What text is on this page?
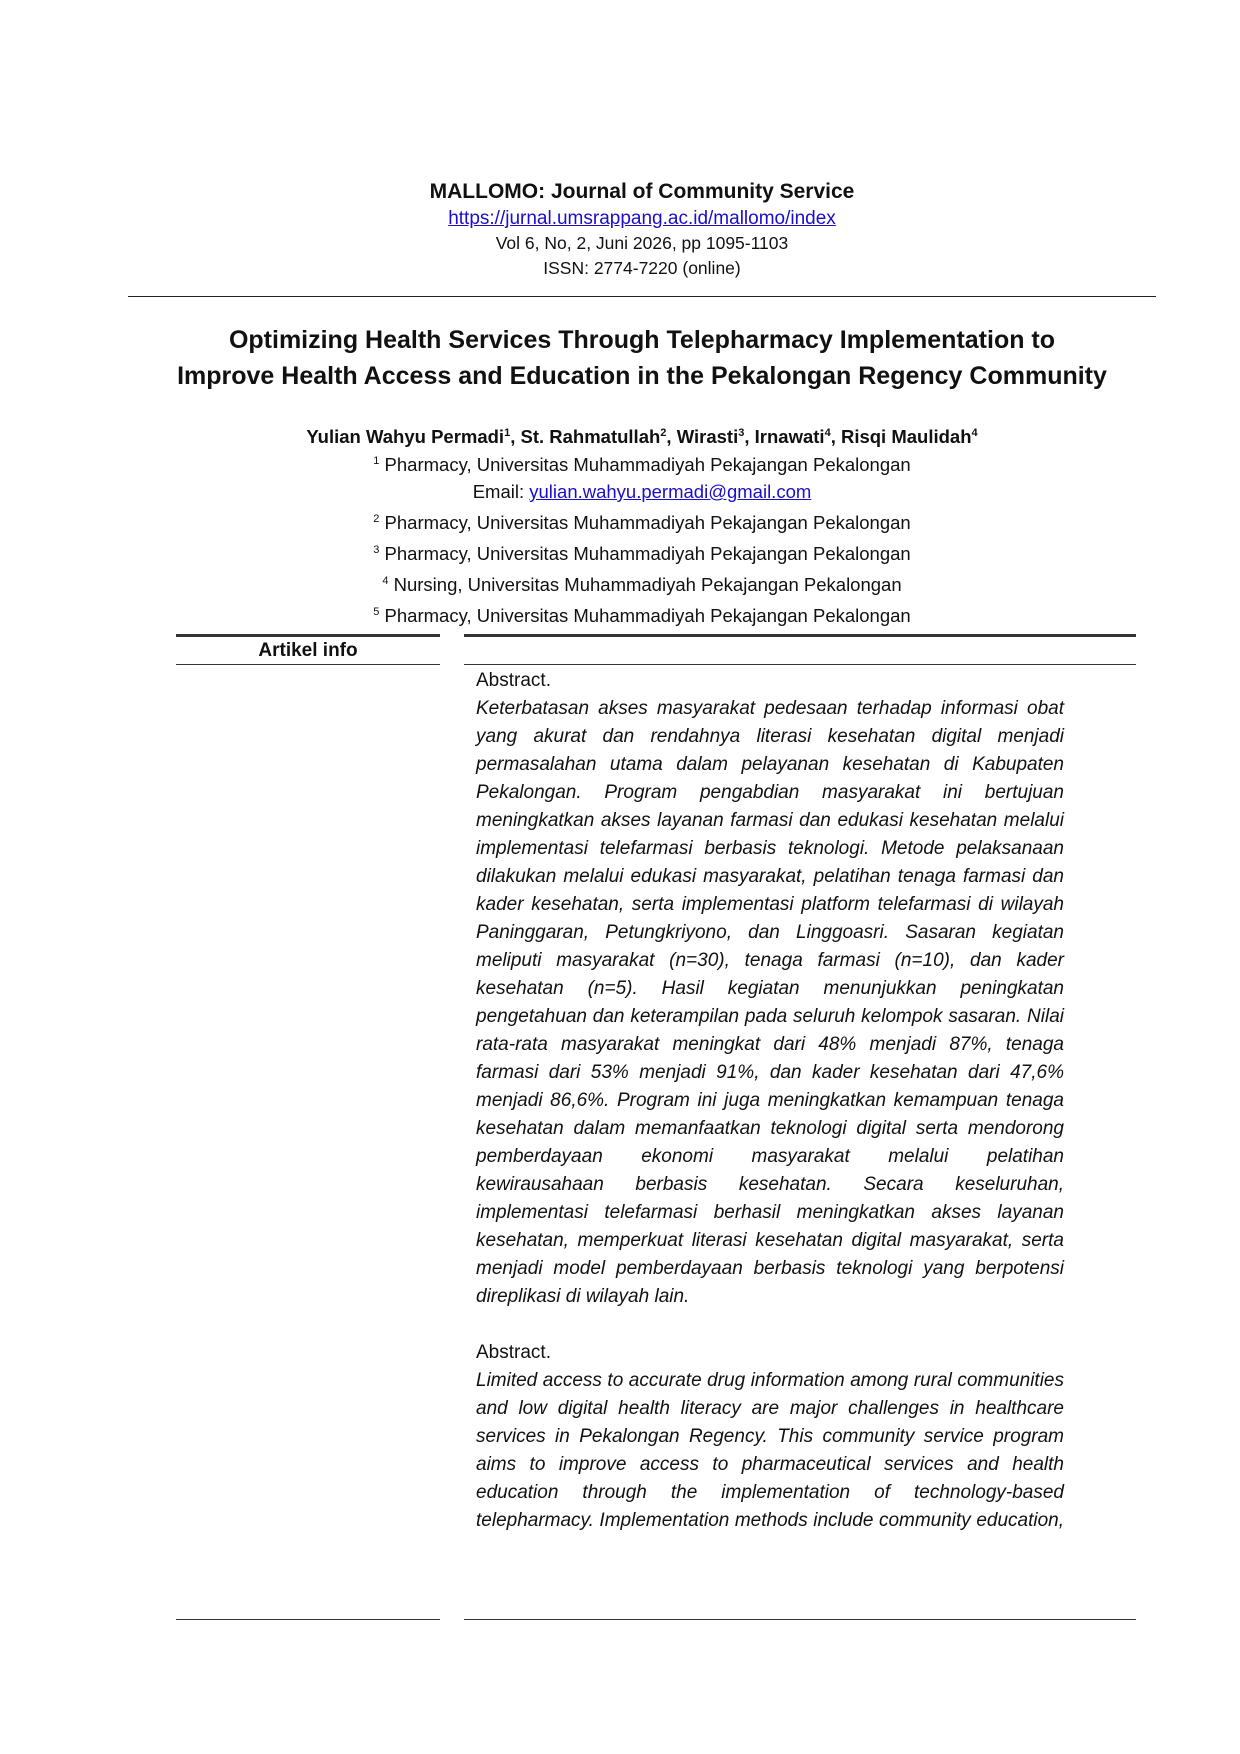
MALLOMO: Journal of Community Service
https://jurnal.umsrappang.ac.id/mallomo/index
Vol 6, No, 2, Juni 2026, pp 1095-1103
ISSN: 2774-7220 (online)
Optimizing Health Services Through Telepharmacy Implementation to
Improve Health Access and Education in the Pekalongan Regency Community
Yulian Wahyu Permadi$^1$, St. Rahmatullah$^2$, Wirasti$^3$, Irnawati$^4$, Risqi Maulidah$^4$
$^1$ Pharmacy, Universitas Muhammadiyah Pekajangan Pekalongan
Email: yulian.wahyu.permadi@gmail.com
$^2$ Pharmacy, Universitas Muhammadiyah Pekajangan Pekalongan
$^3$ Pharmacy, Universitas Muhammadiyah Pekajangan Pekalongan
$^4$ Nursing, Universitas Muhammadiyah Pekajangan Pekalongan
$^5$ Pharmacy, Universitas Muhammadiyah Pekajangan Pekalongan
Artikel info
Abstract.

Keterbatasan akses masyarakat pedesaan terhadap informasi obat yang akurat dan rendahnya literasi kesehatan digital menjadi permasalahan utama dalam pelayanan kesehatan di Kabupaten Pekalongan. Program pengabdian masyarakat ini bertujuan meningkatkan akses layanan farmasi dan edukasi kesehatan melalui implementasi telefarmasi berbasis teknologi. Metode pelaksanaan dilakukan melalui edukasi masyarakat, pelatihan tenaga farmasi dan kader kesehatan, serta implementasi platform telefarmasi di wilayah Paninggaran, Petungkriyono, dan Linggoasri. Sasaran kegiatan meliputi masyarakat (n=30), tenaga farmasi (n=10), dan kader kesehatan (n=5). Hasil kegiatan menunjukkan peningkatan pengetahuan dan keterampilan pada seluruh kelompok sasaran. Nilai rata-rata masyarakat meningkat dari 48% menjadi 87%, tenaga farmasi dari 53% menjadi 91%, dan kader kesehatan dari 47,6% menjadi 86,6%. Program ini juga meningkatkan kemampuan tenaga kesehatan dalam memanfaatkan teknologi digital serta mendorong pemberdayaan ekonomi masyarakat melalui pelatihan kewirausahaan berbasis kesehatan. Secara keseluruhan, implementasi telefarmasi berhasil meningkatkan akses layanan kesehatan, memperkuat literasi kesehatan digital masyarakat, serta menjadi model pemberdayaan berbasis teknologi yang berpotensi direplikasi di wilayah lain.

Abstract.

Limited access to accurate drug information among rural communities and low digital health literacy are major challenges in healthcare services in Pekalongan Regency. This community service program aims to improve access to pharmaceutical services and health education through the implementation of technology-based telepharmacy. Implementation methods include community education,
